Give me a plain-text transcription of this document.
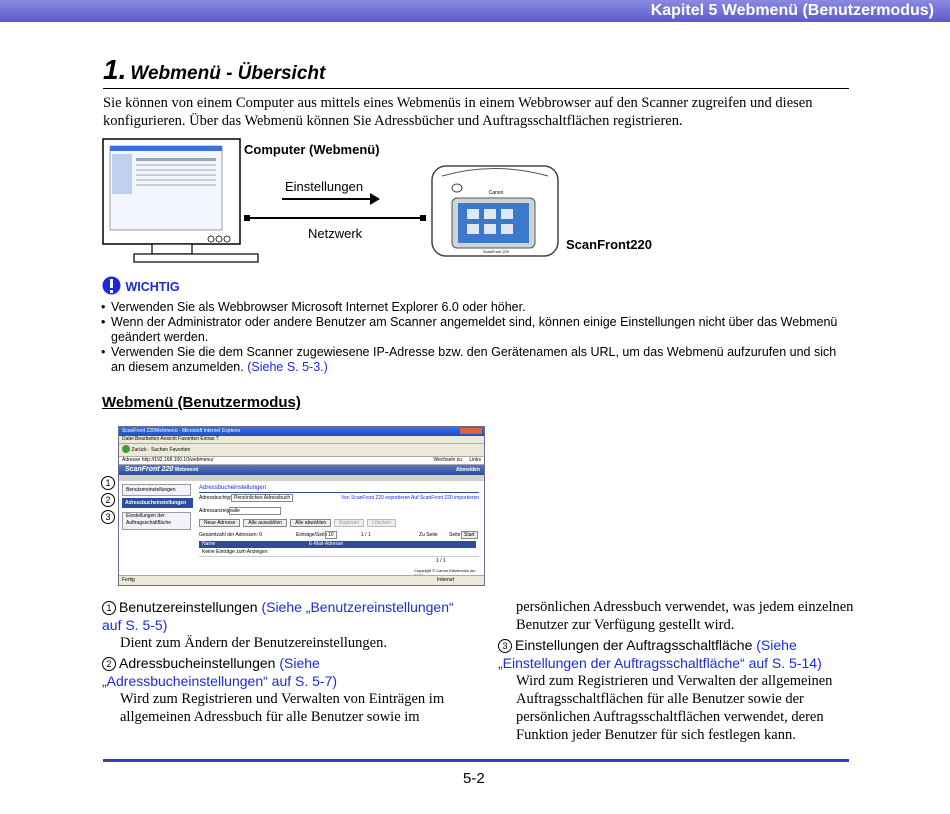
Kapitel 5 Webmenü (Benutzermodus)
1. Webmenü - Übersicht
Sie können von einem Computer aus mittels eines Webmenüs in einem Webbrowser auf den Scanner zugreifen und diesen konfigurieren. Über das Webmenü können Sie Adressbücher und Auftragsschaltflächen registrieren.
Canon
ScanFront 220
Computer (Webmenü)
Einstellungen
Netzwerk
ScanFront220
WICHTIG
• Verwenden Sie als Webbrowser Microsoft Internet Explorer 6.0 oder höher.
• Wenn der Administrator oder andere Benutzer am Scanner angemeldet sind, können einige Einstellungen nicht über das Webmenü geändert werden.
• Verwenden Sie die dem Scanner zugewiesene IP-Adresse bzw. den Gerätenamen als URL, um das Webmenü aufzurufen und sich an diesem anzumelden. (Siehe S. 5-3.)
Webmenü (Benutzermodus)
1
2
3
ScanFront 220Webmenü - Microsoft Internet Explorer
Datei Bearbeiten Ansicht Favoriten Extras ?
Zurück · Suchen Favoriten
Adresse http://192.168.100.10/webmenu/	Wechseln zu Links
ScanFront 220 Webmenü	Abmelden
Benutzereinstellungen
Adressbucheinstellungen
Einstellungen der Auftragsschaltfläche
Adressbucheinstellungen
Adressbuchtyp Persönliches Adressbuch	Von ScanFront 220 exportieren Auf ScanFront 220 importieren
Adressanzeige alle
Neue Adresse	Alle auswählen	Alle abwählen	Kopieren	Löschen
Gesamtzahl der Adressen: 0	Einträge/Seite 10	1 / 1	Zu Seite Seite Start
Name	E-Mail-Adresse
Keine Einträge zum Anzeigen
1 / 1
Copyright © Canon Electronics Inc.
Fertig	Internet
1 Benutzereinstellungen (Siehe „Benutzereinstellungen“ auf S. 5-5)
Dient zum Ändern der Benutzereinstellungen.
2 Adressbucheinstellungen (Siehe „Adressbucheinstellungen“ auf S. 5-7)
Wird zum Registrieren und Verwalten von Einträgen im allgemeinen Adressbuch für alle Benutzer sowie im
persönlichen Adressbuch verwendet, was jedem einzelnen Benutzer zur Verfügung gestellt wird.
3 Einstellungen der Auftragsschaltfläche (Siehe „Einstellungen der Auftragsschaltfläche“ auf S. 5-14)
Wird zum Registrieren und Verwalten der allgemeinen Auftragsschaltflächen für alle Benutzer sowie der persönlichen Auftragsschaltflächen verwendet, deren Funktion jeder Benutzer für sich festlegen kann.
5-2
